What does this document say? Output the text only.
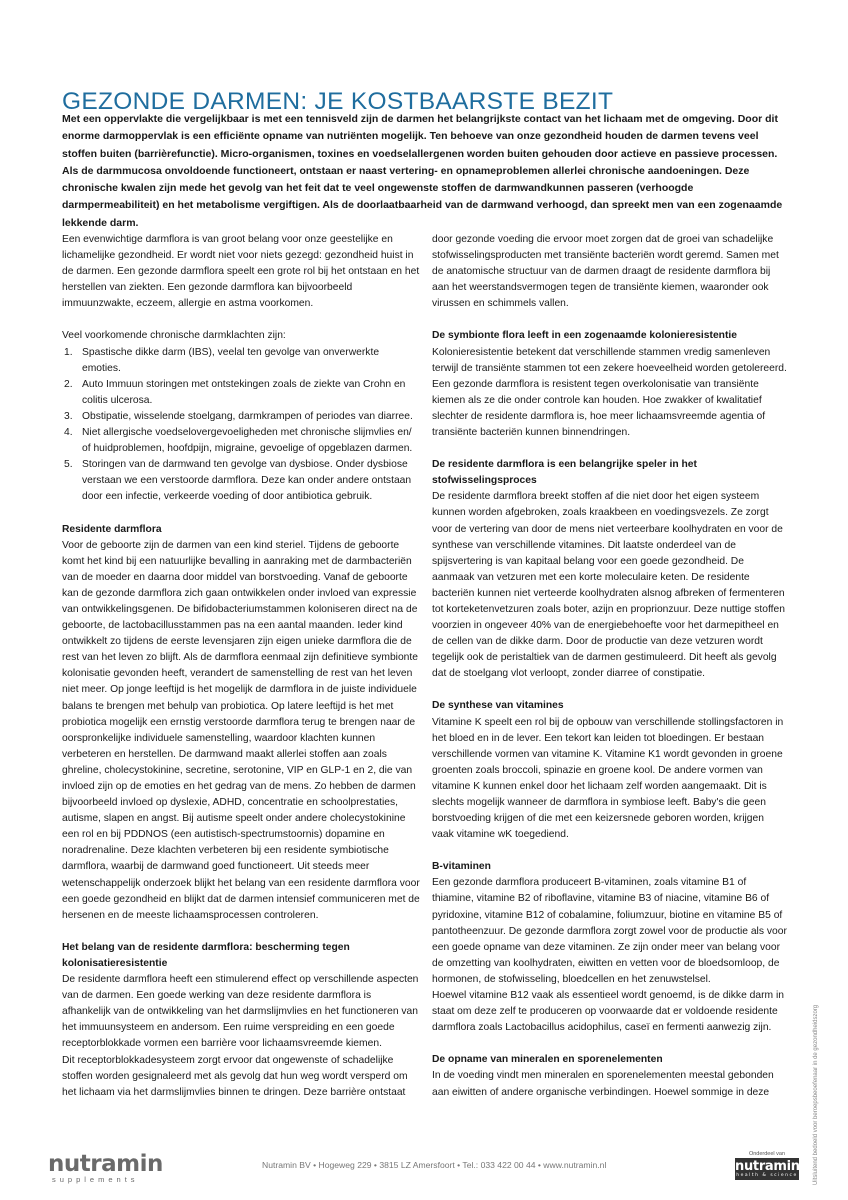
GEZONDE DARMEN: JE KOSTBAARSTE BEZIT

Met een oppervlakte die vergelijkbaar is met een tennisveld zijn de darmen het belangrijkste contact van het lichaam met de omgeving. Door dit enorme darmoppervlak is een efficiënte opname van nutriënten mogelijk. Ten behoeve van onze gezondheid houden de darmen tevens veel stoffen buiten (barrièrefunctie). Micro-organismen, toxines en voedselallergenen worden buiten gehouden door actieve en passieve processen. Als de darmmucosa onvoldoende functioneert, ontstaan er naast vertering- en opnameproblemen allerlei chronische aandoeningen. Deze chronische kwalen zijn mede het gevolg van het feit dat te veel ongewenste stoffen de darmwandkunnen passeren (verhoogde darmpermeabiliteit) en het metabolisme vergiftigen. Als de doorlaatbaarheid van de darmwand verhoogd, dan spreekt men van een zogenaamde lekkende darm.

Een evenwichtige darmflora is van groot belang voor onze geestelijke en lichamelijke gezondheid. Er wordt niet voor niets gezegd: gezondheid huist in de darmen. Een gezonde darmflora speelt een grote rol bij het ontstaan en het herstellen van ziekten. Een gezonde darmflora kan bijvoorbeeld immuunzwakte, eczeem, allergie en astma voorkomen.

Veel voorkomende chronische darmklachten zijn:

1. Spastische dikke darm (IBS), veelal ten gevolge van onverwerkte emoties.
2. Auto Immuun storingen met ontstekingen zoals de ziekte van Crohn en colitis ulcerosa.
3. Obstipatie, wisselende stoelgang, darmkrampen of periodes van diarree.
4. Niet allergische voedselovergevoeligheden met chronische slijmvlies en/ of huidproblemen, hoofdpijn, migraine, gevoelige of opgeblazen darmen.
5. Storingen van de darmwand ten gevolge van dysbiose. Onder dysbiose verstaan we een verstoorde darmflora. Deze kan onder andere ontstaan door een infectie, verkeerde voeding of door antibiotica gebruik.

Residente darmflora

Voor de geboorte zijn de darmen van een kind steriel. Tijdens de geboorte komt het kind bij een natuurlijke bevalling in aanraking met de darmbacteriën van de moeder en daarna door middel van borstvoeding. Vanaf de geboorte kan de gezonde darmflora zich gaan ontwikkelen onder invloed van expressie van ontwikkelingsgenen. De bifidobacteriumstammen koloniseren direct na de geboorte, de lactobacillusstammen pas na een aantal maanden. Ieder kind ontwikkelt zo tijdens de eerste levensjaren zijn eigen unieke darmflora die de rest van het leven zo blijft. Als de darmflora eenmaal zijn definitieve symbionte kolonisatie gevonden heeft, verandert de samenstelling de rest van het leven niet meer. Op jonge leeftijd is het mogelijk de darmflora in de juiste individuele balans te brengen met behulp van probiotica. Op latere leeftijd is het met probiotica mogelijk een ernstig verstoorde darmflora terug te brengen naar de oorspronkelijke individuele samenstelling, waardoor klachten kunnen verbeteren en herstellen. De darmwand maakt allerlei stoffen aan zoals ghreline, cholecystokinine, secretine, serotonine, VIP en GLP-1 en 2, die van invloed zijn op de emoties en het gedrag van de mens. Zo hebben de darmen bijvoorbeeld invloed op dyslexie, ADHD, concentratie en schoolprestaties, autisme, slapen en angst. Bij autisme speelt onder andere cholecystokinine een rol en bij PDDNOS (een autistisch-spectrumstoornis) dopamine en noradrenaline. Deze klachten verbeteren bij een residente symbiotische darmflora, waarbij de darmwand goed functioneert. Uit steeds meer wetenschappelijk onderzoek blijkt het belang van een residente darmflora voor een goede gezondheid en blijkt dat de darmen intensief communiceren met de hersenen en de meeste lichaamsprocessen controleren.

Het belang van de residente darmflora: bescherming tegen kolonisatieresistentie

De residente darmflora heeft een stimulerend effect op verschillende aspecten van de darmen. Een goede werking van deze residente darmflora is afhankelijk van de ontwikkeling van het darmslijmvlies en het functioneren van het immuunsysteem en andersom. Een ruime verspreiding en een goede receptorblokkade vormen een barrière voor lichaamsvreemde kiemen.

Dit receptorblokkadesysteem zorgt ervoor dat ongewenste of schadelijke stoffen worden gesignaleerd met als gevolg dat hun weg wordt versperd om het lichaam via het darmslijmvlies binnen te dringen. Deze barrière ontstaat

door gezonde voeding die ervoor moet zorgen dat de groei van schadelijke stofwisselingsproducten met transiënte bacteriën wordt geremd. Samen met de anatomische structuur van de darmen draagt de residente darmflora bij aan het weerstandsvermogen tegen de transiënte kiemen, waaronder ook virussen en schimmels vallen.

De symbionte flora leeft in een zogenaamde kolonieresistentie

Kolonieresistentie betekent dat verschillende stammen vredig samenleven terwijl de transiënte stammen tot een zekere hoeveelheid worden getolereerd. Een gezonde darmflora is resistent tegen overkolonisatie van transiënte kiemen als ze die onder controle kan houden. Hoe zwakker of kwalitatief slechter de residente darmflora is, hoe meer lichaamsvreemde agentia of transiënte bacteriën kunnen binnendringen.

De residente darmflora is een belangrijke speler in het stofwisselingsproces

De residente darmflora breekt stoffen af die niet door het eigen systeem kunnen worden afgebroken, zoals kraakbeen en voedingsvezels. Ze zorgt voor de vertering van door de mens niet verteerbare koolhydraten en voor de synthese van verschillende vitamines. Dit laatste onderdeel van de spijsvertering is van kapitaal belang voor een goede gezondheid. De aanmaak van vetzuren met een korte moleculaire keten. De residente bacteriën kunnen niet verteerde koolhydraten alsnog afbreken of fermenteren tot korteketenvetzuren zoals boter, azijn en proprionzuur. Deze nuttige stoffen voorzien in ongeveer 40% van de energiebehoefte voor het darmepitheel en de cellen van de dikke darm. Door de productie van deze vetzuren wordt tegelijk ook de peristaltiek van de darmen gestimuleerd. Dit heeft als gevolg dat de stoelgang vlot verloopt, zonder diarree of constipatie.

De synthese van vitamines

Vitamine K speelt een rol bij de opbouw van verschillende stollingsfactoren in het bloed en in de lever. Een tekort kan leiden tot bloedingen. Er bestaan verschillende vormen van vitamine K. Vitamine K1 wordt gevonden in groene groenten zoals broccoli, spinazie en groene kool. De andere vormen van vitamine K kunnen enkel door het lichaam zelf worden aangemaakt. Dit is slechts mogelijk wanneer de darmflora in symbiose leeft. Baby's die geen borstvoeding krijgen of die met een keizersnede geboren worden, krijgen vaak vitamine wK toegediend.

B-vitaminen

Een gezonde darmflora produceert B-vitaminen, zoals vitamine B1 of thiamine, vitamine B2 of riboflavine, vitamine B3 of niacine, vitamine B6 of pyridoxine, vitamine B12 of cobalamine, foliumzuur, biotine en vitamine B5 of pantotheenzuur. De gezonde darmflora zorgt zowel voor de productie als voor een goede opname van deze vitaminen. Ze zijn onder meer van belang voor de omzetting van koolhydraten, eiwitten en vetten voor de bloedsomloop, de hormonen, de stofwisseling, bloedcellen en het zenuwstelsel.

Hoewel vitamine B12 vaak als essentieel wordt genoemd, is de dikke darm in staat om deze zelf te produceren op voorwaarde dat er voldoende residente darmflora zoals Lactobacillus acidophilus, caseï en fermenti aanwezig zijn.

De opname van mineralen en sporenelementen

In de voeding vindt men mineralen en sporenelementen meestal gebonden aan eiwitten of andere organische verbindingen. Hoewel sommige in deze

nutramin
supplements
Nutramin BV • Hogeweg 229 • 3815 LZ Amersfoort • Tel.: 033 422 00 44 • www.nutramin.nl
Onderdeel van
nutramin
health & science	Uitsluitend bedoeld voor beroepsbeoefenaar in de gezondheidszorg
